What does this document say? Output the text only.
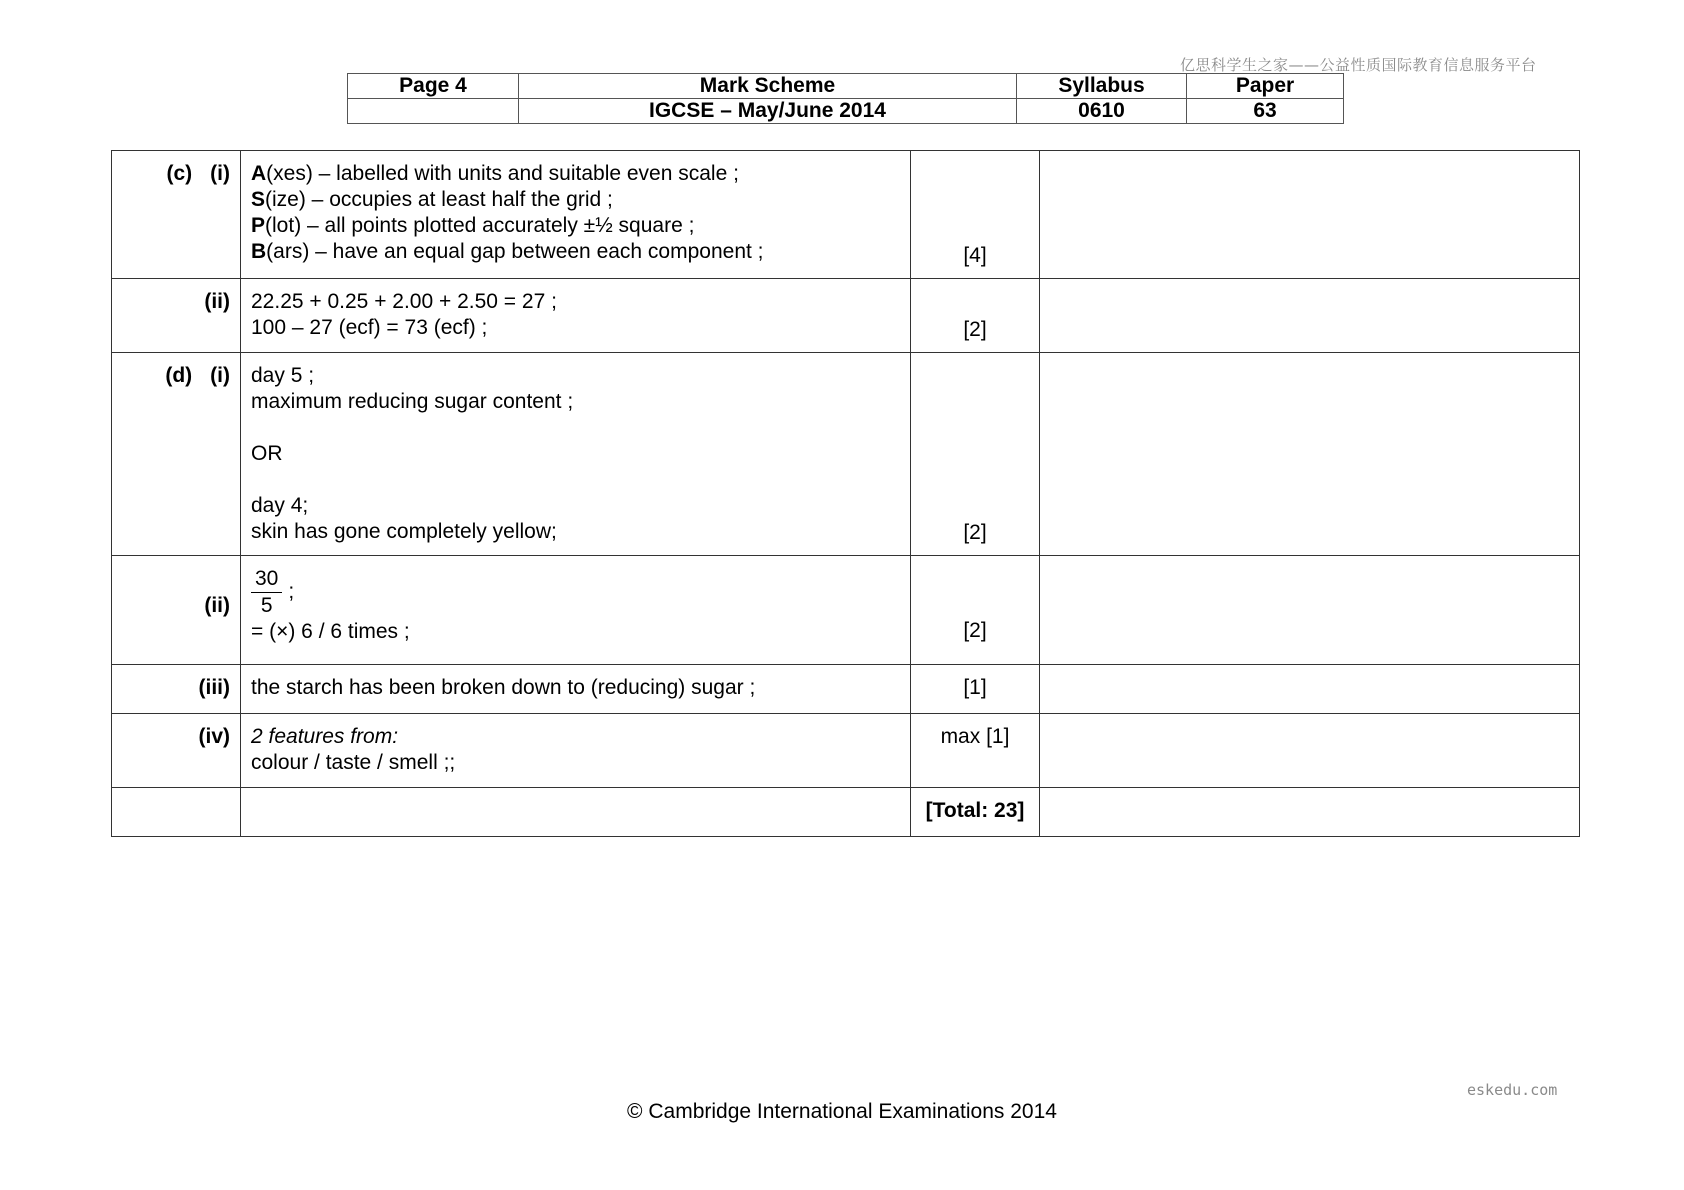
亿思科学生之家——公益性质国际教育信息服务平台
Page 4	Mark Scheme	Syllabus	Paper
	IGCSE – May/June 2014	0610	63
(c) (i)	A(xes) – labelled with units and suitable even scale ;
S(ize) – occupies at least half the grid ;
P(lot) – all points plotted accurately ±½ square ;
B(ars) – have an equal gap between each component ;	[4]	
(ii)	22.25 + 0.25 + 2.00 + 2.50 = 27 ;
100 – 27 (ecf) = 73 (ecf) ;	[2]	
(d) (i)	day 5 ;
maximum reducing sugar content ;
OR
day 4;
skin has gone completely yellow;	[2]	
(ii)	$\frac{30}{5}$ ;
= (×) 6 / 6 times ;	[2]	
(iii)	the starch has been broken down to (reducing) sugar ;	[1]	
(iv)	2 features from:
colour / taste / smell ;;	max [1]	
		[Total: 23]	
eskedu.com
© Cambridge International Examinations 2014
